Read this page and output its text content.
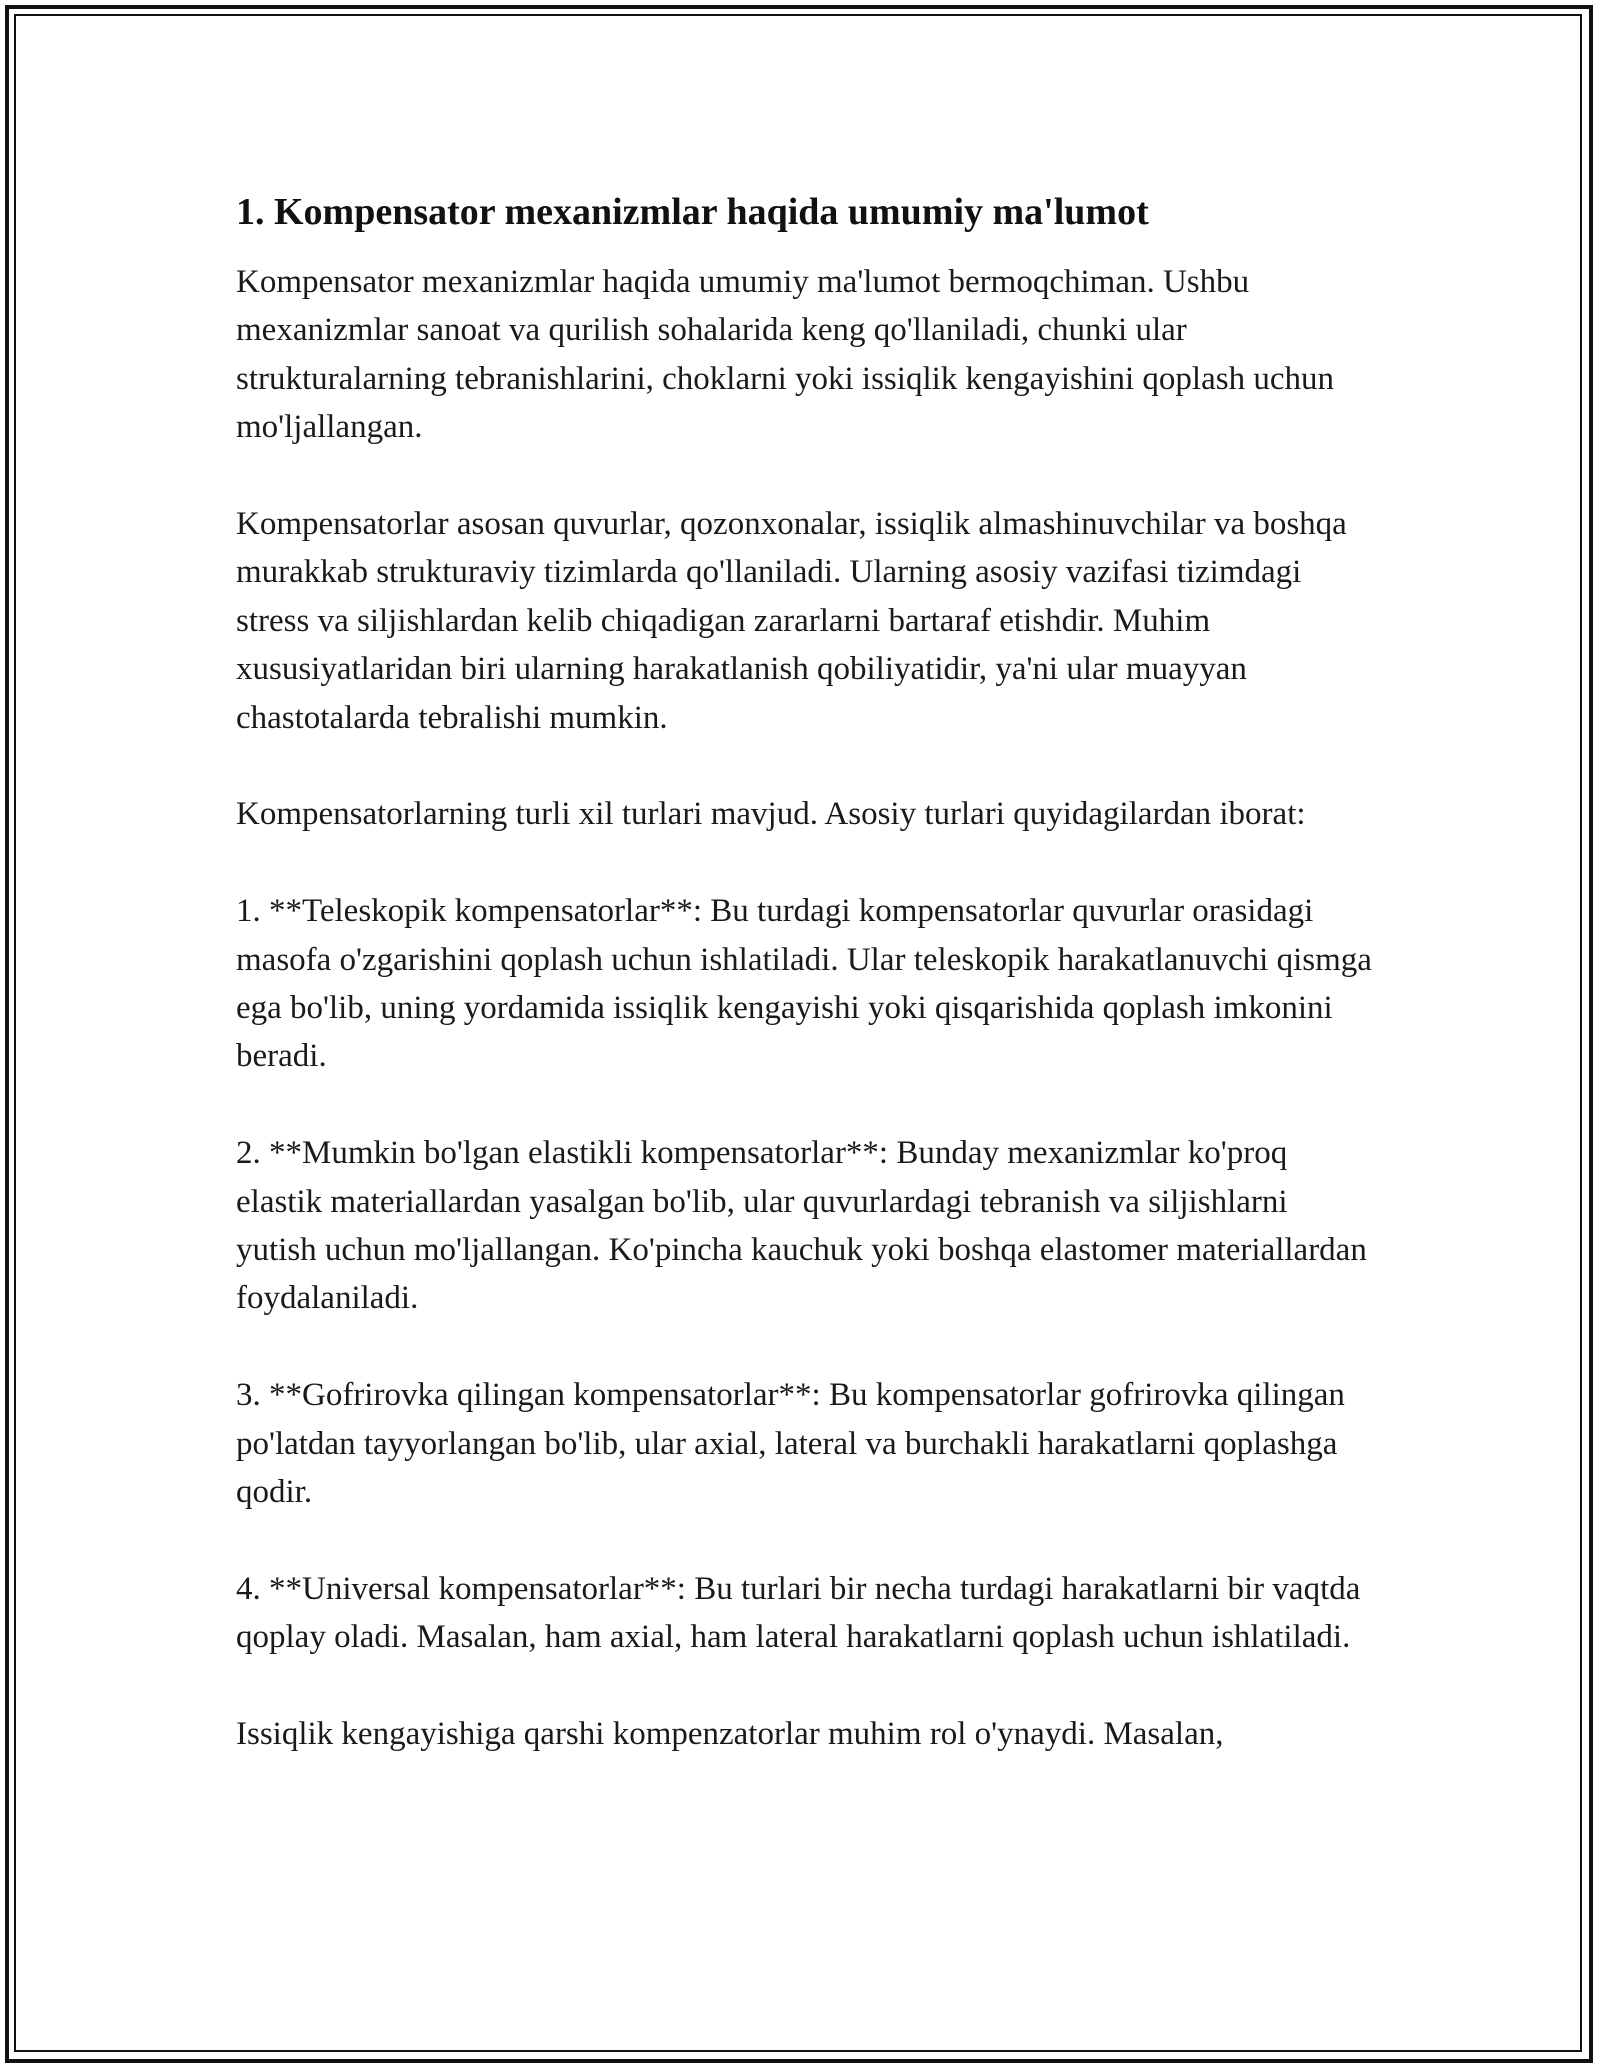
1. Kompensator mexanizmlar haqida umumiy ma'lumot

Kompensator mexanizmlar haqida umumiy ma'lumot bermoqchiman. Ushbu mexanizmlar sanoat va qurilish sohalarida keng qo'llaniladi, chunki ular strukturalarning tebranishlarini, choklarni yoki issiqlik kengayishini qoplash uchun mo'ljallangan.

Kompensatorlar asosan quvurlar, qozonxonalar, issiqlik almashinuvchilar va boshqa murakkab strukturaviy tizimlarda qo'llaniladi. Ularning asosiy vazifasi tizimdagi stress va siljishlardan kelib chiqadigan zararlarni bartaraf etishdir. Muhim xususiyatlaridan biri ularning harakatlanish qobiliyatidir, ya'ni ular muayyan chastotalarda tebralishi mumkin.

Kompensatorlarning turli xil turlari mavjud. Asosiy turlari quyidagilardan iborat:

1. **Teleskopik kompensatorlar**: Bu turdagi kompensatorlar quvurlar orasidagi masofa o'zgarishini qoplash uchun ishlatiladi. Ular teleskopik harakatlanuvchi qismga ega bo'lib, uning yordamida issiqlik kengayishi yoki qisqarishida qoplash imkonini beradi.

2. **Mumkin bo'lgan elastikli kompensatorlar**: Bunday mexanizmlar ko'proq elastik materiallardan yasalgan bo'lib, ular quvurlardagi tebranish va siljishlarni yutish uchun mo'ljallangan. Ko'pincha kauchuk yoki boshqa elastomer materiallardan foydalaniladi.

3. **Gofrirovka qilingan kompensatorlar**: Bu kompensatorlar gofrirovka qilingan po'latdan tayyorlangan bo'lib, ular axial, lateral va burchakli harakatlarni qoplashga qodir.

4. **Universal kompensatorlar**: Bu turlari bir necha turdagi harakatlarni bir vaqtda qoplay oladi. Masalan, ham axial, ham lateral harakatlarni qoplash uchun ishlatiladi.

Issiqlik kengayishiga qarshi kompenzatorlar muhim rol o'ynaydi. Masalan,
